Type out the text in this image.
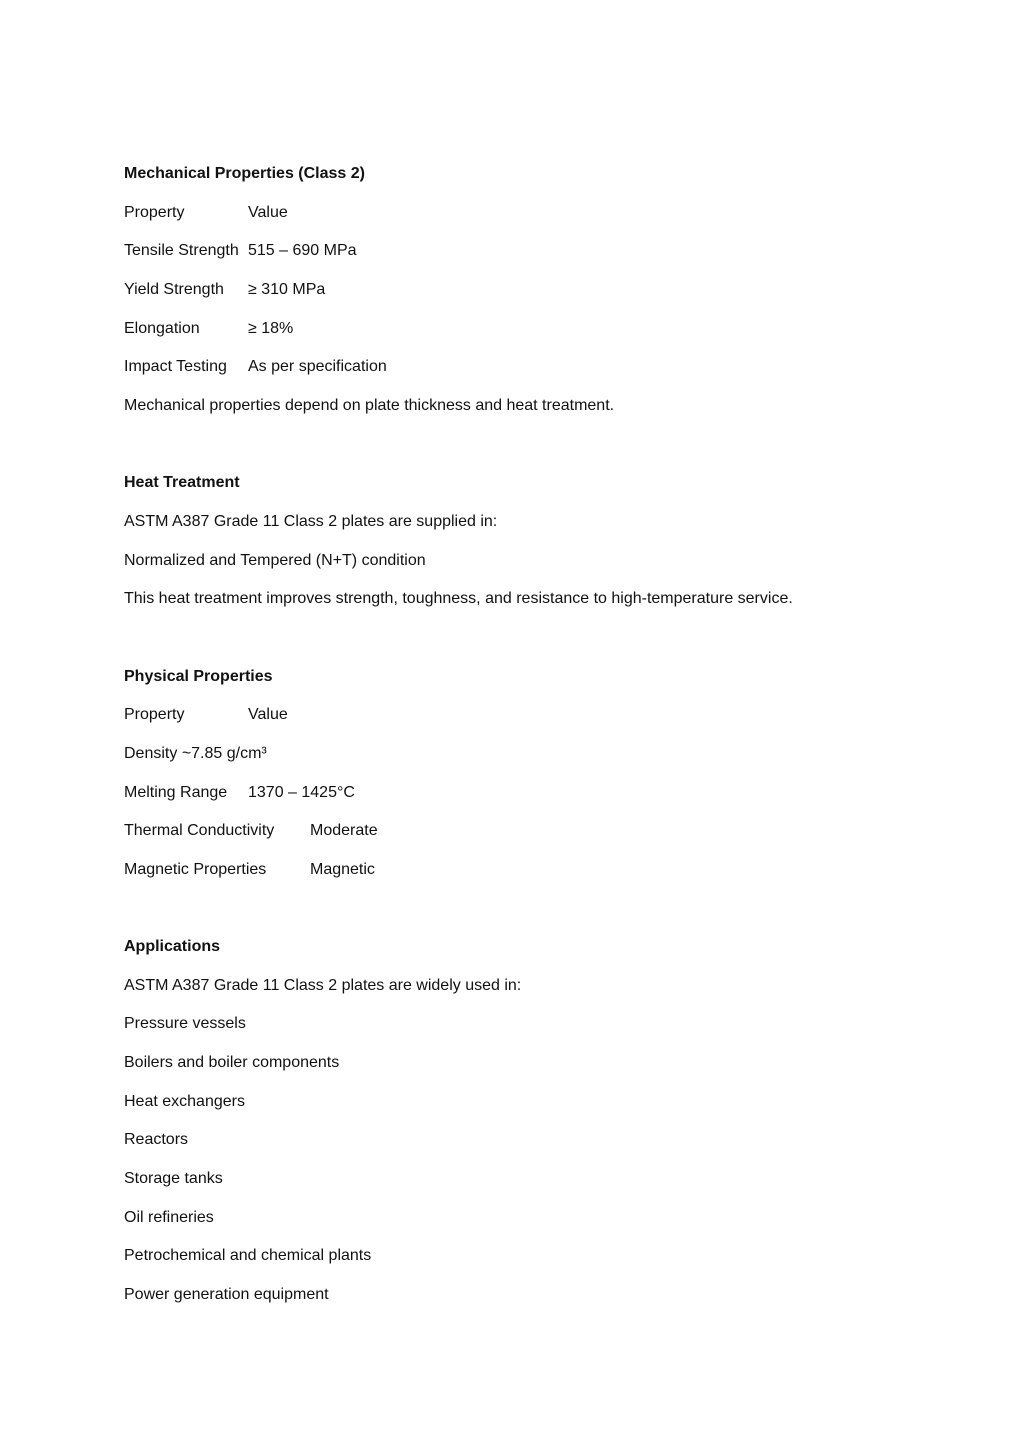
Mechanical Properties (Class 2)
Property	Value
Tensile Strength 515 – 690 MPa
Yield Strength ≥ 310 MPa
Elongation	≥ 18%
Impact Testing As per specification
Mechanical properties depend on plate thickness and heat treatment.
Heat Treatment
ASTM A387 Grade 11 Class 2 plates are supplied in:
Normalized and Tempered (N+T) condition
This heat treatment improves strength, toughness, and resistance to high-temperature service.
Physical Properties
Property	Value
Density ~7.85 g/cm³
Melting Range 1370 – 1425°C
Thermal Conductivity Moderate
Magnetic Properties	Magnetic
Applications
ASTM A387 Grade 11 Class 2 plates are widely used in:
Pressure vessels
Boilers and boiler components
Heat exchangers
Reactors
Storage tanks
Oil refineries
Petrochemical and chemical plants
Power generation equipment
